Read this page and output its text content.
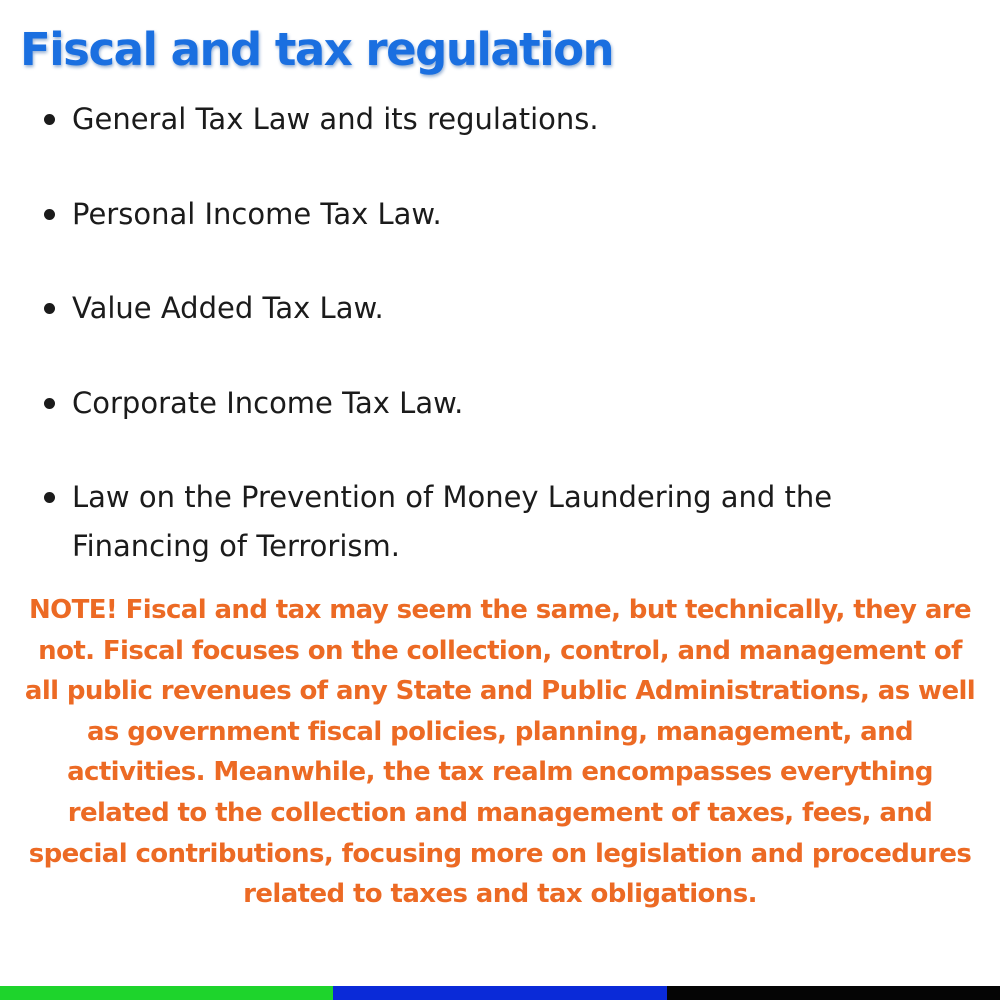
Fiscal and tax regulation
General Tax Law and its regulations.
Personal Income Tax Law.
Value Added Tax Law.
Corporate Income Tax Law.
Law on the Prevention of Money Laundering and the Financing of Terrorism.

NOTE! Fiscal and tax may seem the same, but technically, they are not. Fiscal focuses on the collection, control, and management of all public revenues of any State and Public Administrations, as well as government fiscal policies, planning, management, and activities. Meanwhile, the tax realm encompasses everything related to the collection and management of taxes, fees, and special contributions, focusing more on legislation and procedures related to taxes and tax obligations.
